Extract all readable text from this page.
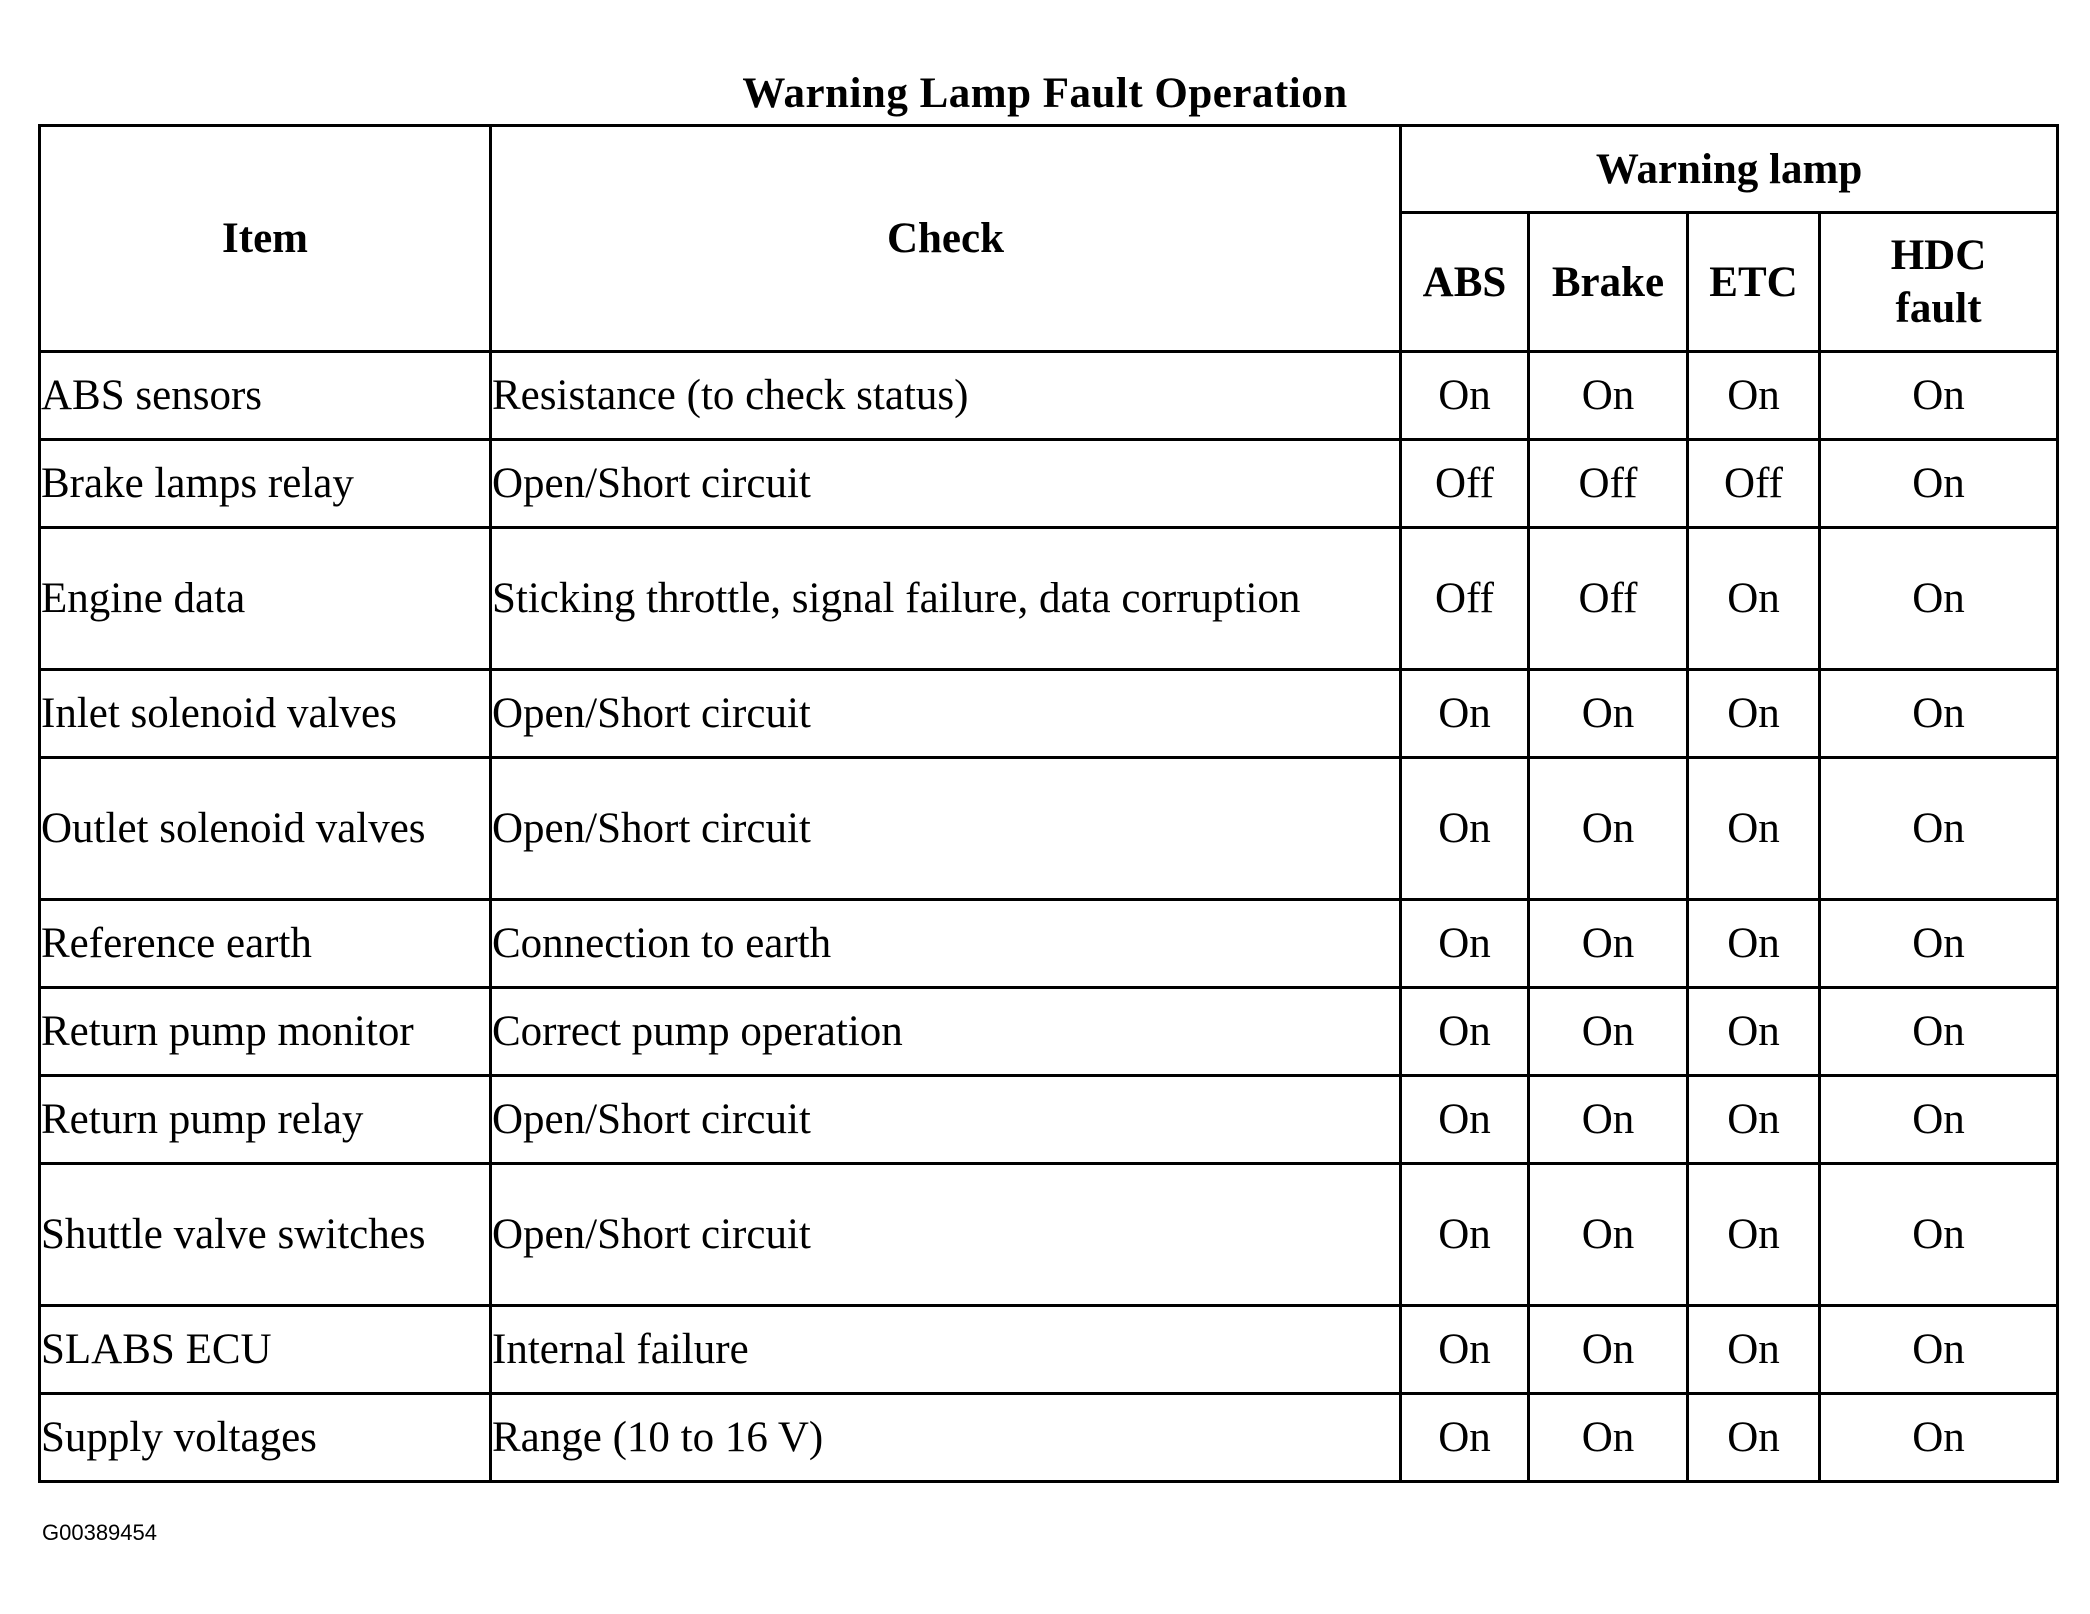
Warning Lamp Fault Operation
Item	Check	Warning lamp			
		ABS	Brake	ETC	HDC
fault
ABS sensors	Resistance (to check status)	On	On	On	On
Brake lamps relay	Open/Short circuit	Off	Off	Off	On
Engine data	Sticking throttle, signal failure, data corruption	Off	Off	On	On
Inlet solenoid valves	Open/Short circuit	On	On	On	On
Outlet solenoid valves	Open/Short circuit	On	On	On	On
Reference earth	Connection to earth	On	On	On	On
Return pump monitor	Correct pump operation	On	On	On	On
Return pump relay	Open/Short circuit	On	On	On	On
Shuttle valve switches	Open/Short circuit	On	On	On	On
SLABS ECU	Internal failure	On	On	On	On
Supply voltages	Range (10 to 16 V)	On	On	On	On
G00389454
